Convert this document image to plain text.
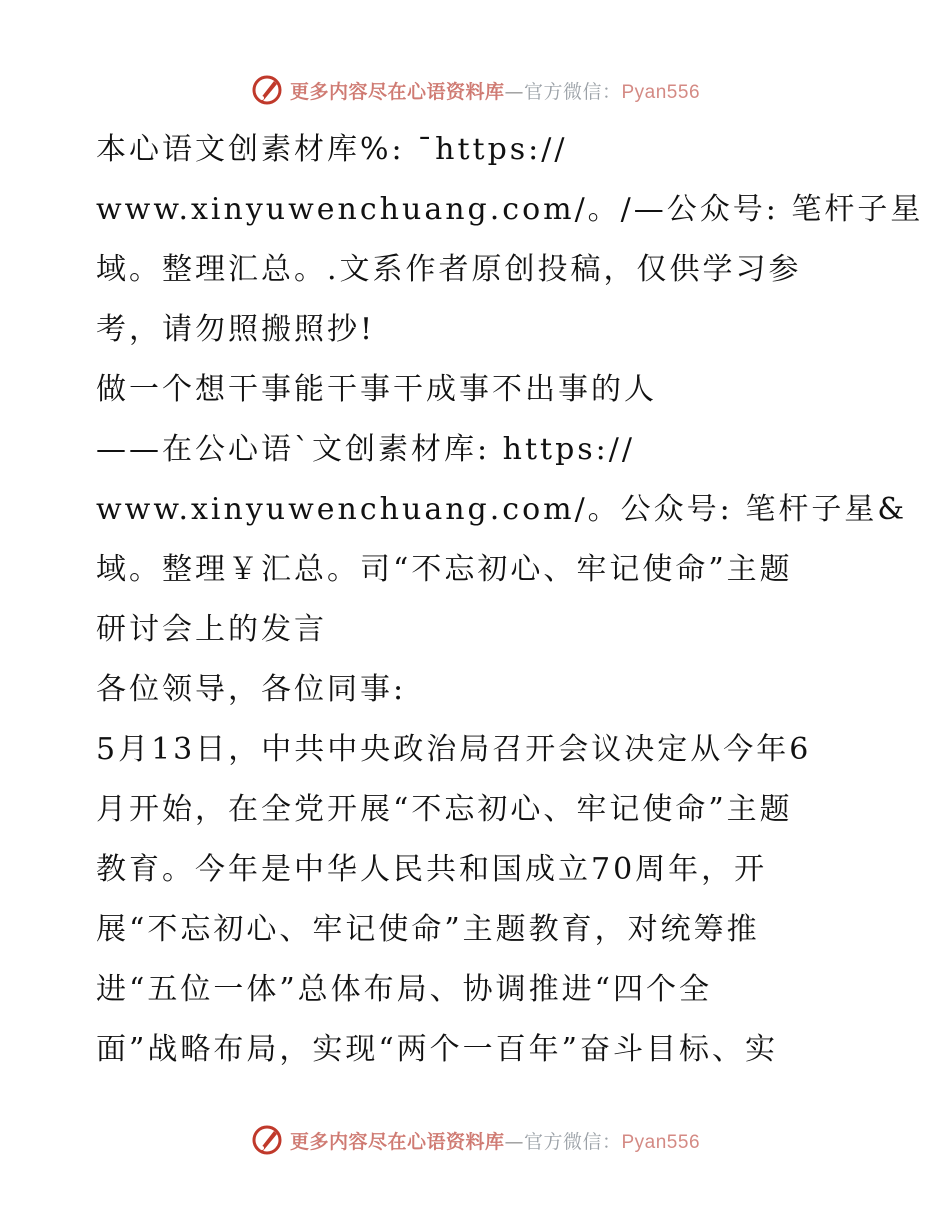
更多内容尽在心语资料库—官方微信：Pyan556
本心语文创素材库%: ¯https://
www.xinyuwenchuang.com/。/—公众号: 笔杆子星
域。整理汇总。.文系作者原创投稿，仅供学习参
考，请勿照搬照抄!
做一个想干事能干事干成事不出事的人
——在公心语`文创素材库: https://
www.xinyuwenchuang.com/。公众号: 笔杆子星&
域。整理￥汇总。司“不忘初心、牢记使命”主题
研讨会上的发言
各位领导，各位同事:
5月13日，中共中央政治局召开会议决定从今年6
月开始，在全党开展“不忘初心、牢记使命”主题
教育。今年是中华人民共和国成立70周年，开
展“不忘初心、牢记使命”主题教育，对统筹推
进“五位一体”总体布局、协调推进“四个全
面”战略布局，实现“两个一百年”奋斗目标、实
更多内容尽在心语资料库—官方微信：Pyan556
